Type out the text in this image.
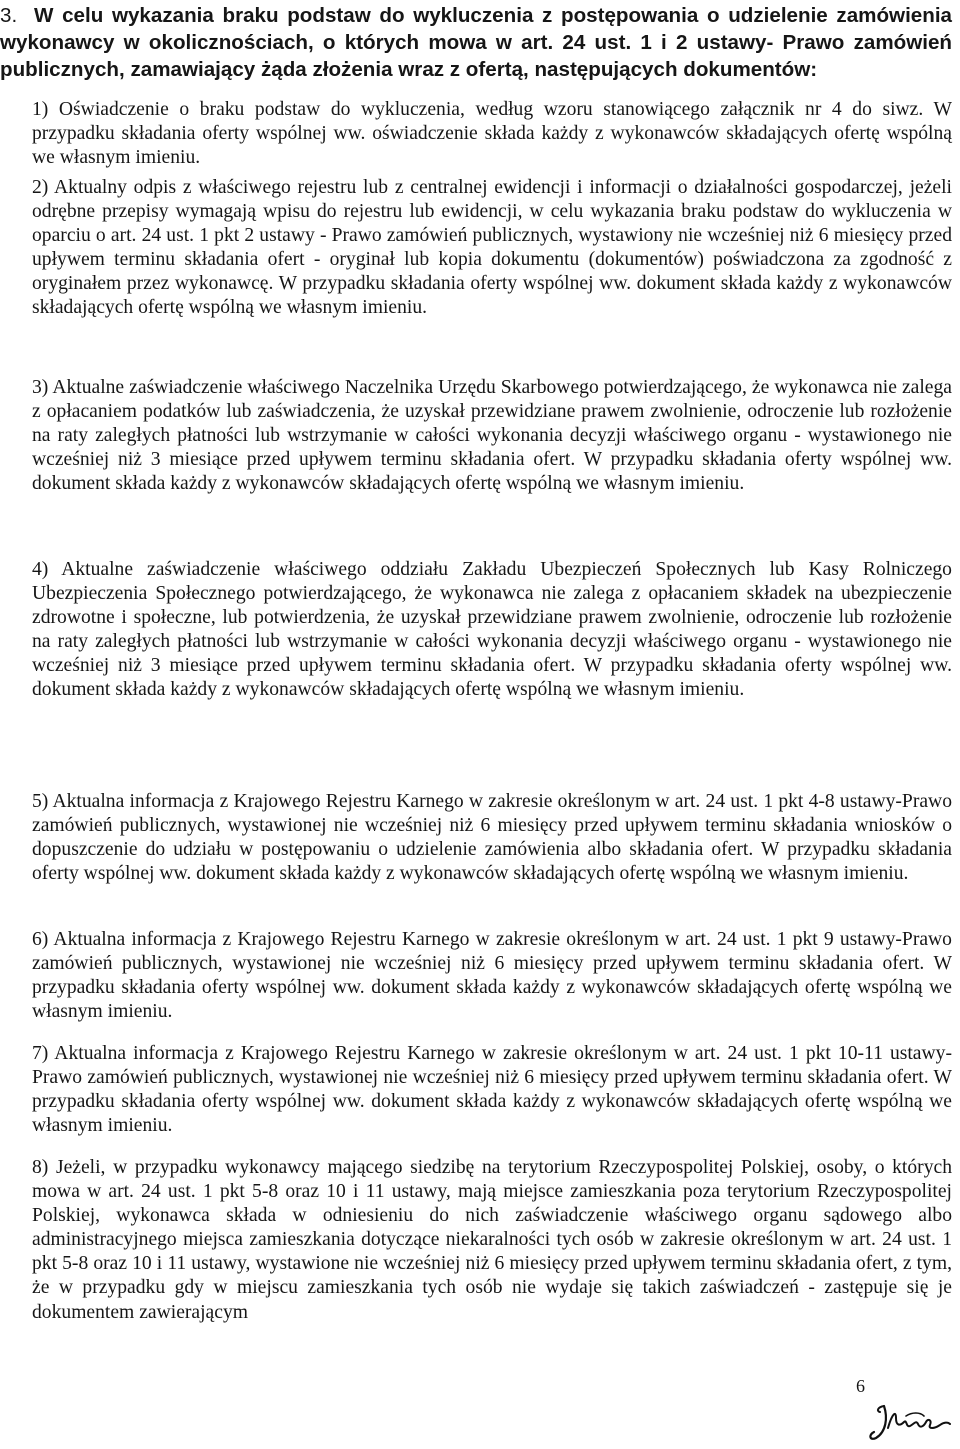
3. W celu wykazania braku podstaw do wykluczenia z postępowania o udzielenie zamówienia wykonawcy w okolicznościach, o których mowa w art. 24 ust. 1 i 2 ustawy- Prawo zamówień publicznych, zamawiający żąda złożenia wraz z ofertą, następujących dokumentów:

1) Oświadczenie o braku podstaw do wykluczenia, według wzoru stanowiącego załącznik nr 4 do siwz. W przypadku składania oferty wspólnej ww. oświadczenie składa każdy z wykonawców składających ofertę wspólną we własnym imieniu.

2) Aktualny odpis z właściwego rejestru lub z centralnej ewidencji i informacji o działalności gospodarczej, jeżeli odrębne przepisy wymagają wpisu do rejestru lub ewidencji, w celu wykazania braku podstaw do wykluczenia w oparciu o art. 24 ust. 1 pkt 2 ustawy - Prawo zamówień publicznych, wystawiony nie wcześniej niż 6 miesięcy przed upływem terminu składania ofert - oryginał lub kopia dokumentu (dokumentów) poświadczona za zgodność z oryginałem przez wykonawcę. W przypadku składania oferty wspólnej ww. dokument składa każdy z wykonawców składających ofertę wspólną we własnym imieniu.

3) Aktualne zaświadczenie właściwego Naczelnika Urzędu Skarbowego potwierdzającego, że wykonawca nie zalega z opłacaniem podatków lub zaświadczenia, że uzyskał przewidziane prawem zwolnienie, odroczenie lub rozłożenie na raty zaległych płatności lub wstrzymanie w całości wykonania decyzji właściwego organu - wystawionego nie wcześniej niż 3 miesiące przed upływem terminu składania ofert. W przypadku składania oferty wspólnej ww. dokument składa każdy z wykonawców składających ofertę wspólną we własnym imieniu.

4) Aktualne zaświadczenie właściwego oddziału Zakładu Ubezpieczeń Społecznych lub Kasy Rolniczego Ubezpieczenia Społecznego potwierdzającego, że wykonawca nie zalega z opłacaniem składek na ubezpieczenie zdrowotne i społeczne, lub potwierdzenia, że uzyskał przewidziane prawem zwolnienie, odroczenie lub rozłożenie na raty zaległych płatności lub wstrzymanie w całości wykonania decyzji właściwego organu - wystawionego nie wcześniej niż 3 miesiące przed upływem terminu składania ofert. W przypadku składania oferty wspólnej ww. dokument składa każdy z wykonawców składających ofertę wspólną we własnym imieniu.

5) Aktualna informacja z Krajowego Rejestru Karnego w zakresie określonym w art. 24 ust. 1 pkt 4-8 ustawy-Prawo zamówień publicznych, wystawionej nie wcześniej niż 6 miesięcy przed upływem terminu składania wniosków o dopuszczenie do udziału w postępowaniu o udzielenie zamówienia albo składania ofert. W przypadku składania oferty wspólnej ww. dokument składa każdy z wykonawców składających ofertę wspólną we własnym imieniu.

6) Aktualna informacja z Krajowego Rejestru Karnego w zakresie określonym w art. 24 ust. 1 pkt 9 ustawy-Prawo zamówień publicznych, wystawionej nie wcześniej niż 6 miesięcy przed upływem terminu składania ofert. W przypadku składania oferty wspólnej ww. dokument składa każdy z wykonawców składających ofertę wspólną we własnym imieniu.

7) Aktualna informacja z Krajowego Rejestru Karnego w zakresie określonym w art. 24 ust. 1 pkt 10-11 ustawy-Prawo zamówień publicznych, wystawionej nie wcześniej niż 6 miesięcy przed upływem terminu składania ofert. W przypadku składania oferty wspólnej ww. dokument składa każdy z wykonawców składających ofertę wspólną we własnym imieniu.

8) Jeżeli, w przypadku wykonawcy mającego siedzibę na terytorium Rzeczypospolitej Polskiej, osoby, o których mowa w art. 24 ust. 1 pkt 5-8 oraz 10 i 11 ustawy, mają miejsce zamieszkania poza terytorium Rzeczypospolitej Polskiej, wykonawca składa w odniesieniu do nich zaświadczenie właściwego organu sądowego albo administracyjnego miejsca zamieszkania dotyczące niekaralności tych osób w zakresie określonym w art. 24 ust. 1 pkt 5-8 oraz 10 i 11 ustawy, wystawione nie wcześniej niż 6 miesięcy przed upływem terminu składania ofert, z tym, że w przypadku gdy w miejscu zamieszkania tych osób nie wydaje się takich zaświadczeń - zastępuje się je dokumentem zawierającym

6
